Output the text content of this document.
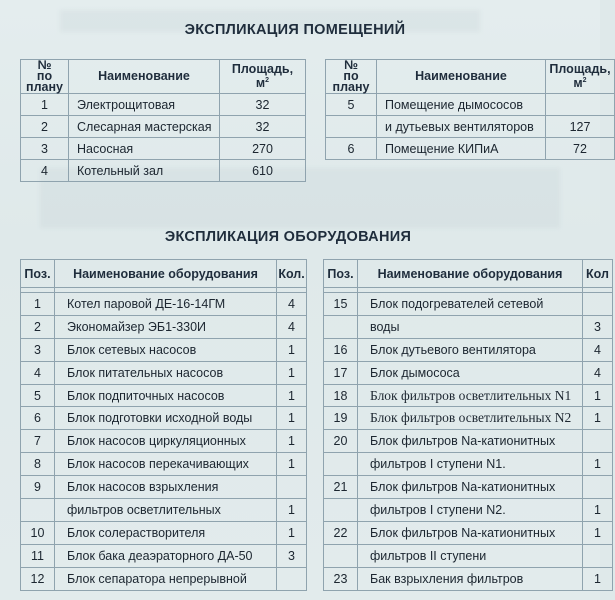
ЭКСПЛИКАЦИЯ ПОМЕЩЕНИЙ
№
по
плану	Наименование	Площадь,
$м^2$
1	Электрощитовая	32
2	Слесарная мастерская	32
3	Насосная	270
4	Котельный зал	610
№
по
плану	Наименование	Площадь,
$м^2$
5	Помещение дымососов	
	и дутьевых вентиляторов	127
6	Помещение КИПиА	72
ЭКСПЛИКАЦИЯ ОБОРУДОВАНИЯ
Поз.	Наименование оборудования	Кол.

1	Котел паровой ДЕ-16-14ГМ	4
2	Экономайзер ЭБ1-330И	4
3	Блок сетевых насосов	1
4	Блок питательных насосов	1
5	Блок подпиточных насосов	1
6	Блок подготовки исходной воды	1
7	Блок насосов циркуляционных	1
8	Блок насосов перекачивающих	1
9	Блок насосов взрыхления	
	фильтров осветлительных	1
10	Блок солерастворителя	1
11	Блок бака деаэраторного ДА-50	3
12	Блок сепаратора непрерывной	
Поз.	Наименование оборудования	Кол

15	Блок подогревателей сетевой	
	воды	3
16	Блок дутьевого вентилятора	4
17	Блок дымососа	4
18	Блок фильтров осветлительных N1	1
19	Блок фильтров осветлительных N2	1
20	Блок фильтров Na-катионитных	
	фильтров I ступени N1.	1
21	Блок фильтров Na-катионитных	
	фильтров I ступени N2.	1
22	Блок фильтров Na-катионитных	1
	фильтров II ступени	
23	Бак взрыхления фильтров	1
